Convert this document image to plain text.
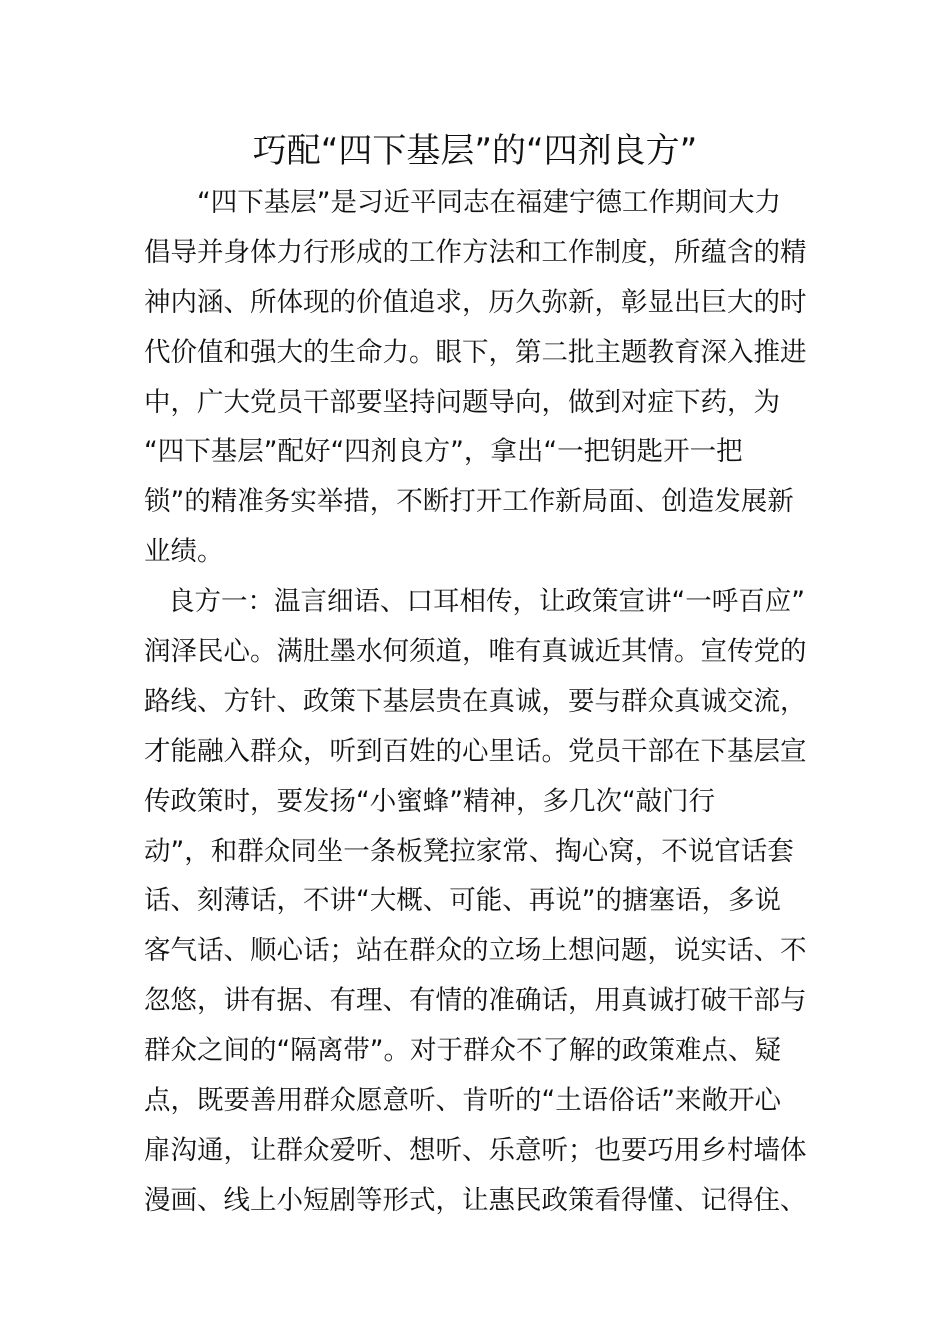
巧配“四下基层”的“四剂良方”
“四下基层”是习近平同志在福建宁德工作期间大力
倡导并身体力行形成的工作方法和工作制度，所蕴含的精
神内涵、所体现的价值追求，历久弥新，彰显出巨大的时
代价值和强大的生命力。眼下，第二批主题教育深入推进
中，广大党员干部要坚持问题导向，做到对症下药，为
“四下基层”配好“四剂良方”，拿出“一把钥匙开一把
锁”的精准务实举措，不断打开工作新局面、创造发展新
业绩。
良方一：温言细语、口耳相传，让政策宣讲“一呼百应”
润泽民心。满肚墨水何须道，唯有真诚近其情。宣传党的
路线、方针、政策下基层贵在真诚，要与群众真诚交流，
才能融入群众，听到百姓的心里话。党员干部在下基层宣
传政策时，要发扬“小蜜蜂”精神，多几次“敲门行
动”，和群众同坐一条板凳拉家常、掏心窝，不说官话套
话、刻薄话，不讲“大概、可能、再说”的搪塞语，多说
客气话、顺心话；站在群众的立场上想问题，说实话、不
忽悠，讲有据、有理、有情的准确话，用真诚打破干部与
群众之间的“隔离带”。对于群众不了解的政策难点、疑
点，既要善用群众愿意听、肯听的“土语俗话”来敞开心
扉沟通，让群众爱听、想听、乐意听；也要巧用乡村墙体
漫画、线上小短剧等形式，让惠民政策看得懂、记得住、
